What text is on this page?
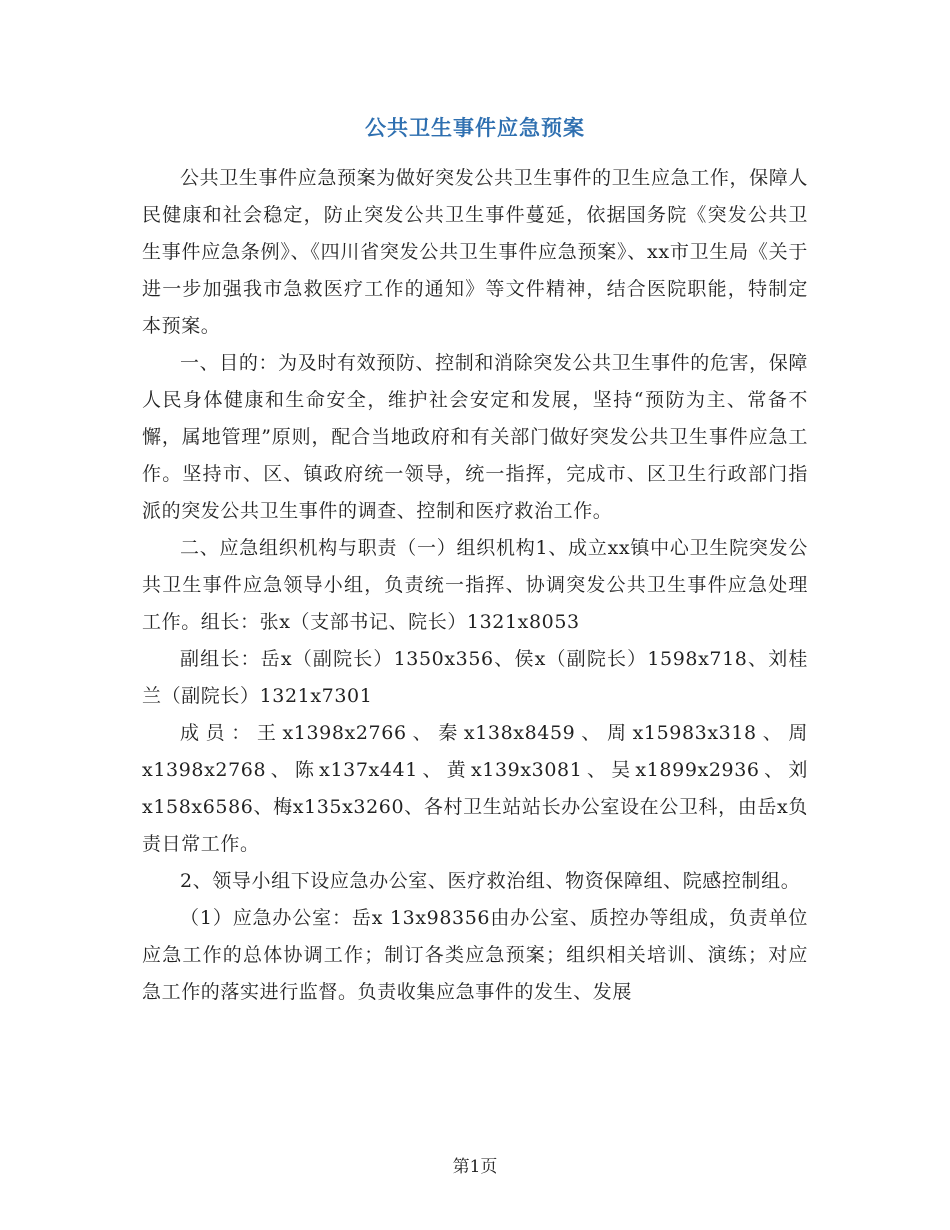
公共卫生事件应急预案

公共卫生事件应急预案为做好突发公共卫生事件的卫生应急工作，保障人民健康和社会稳定，防止突发公共卫生事件蔓延，依据国务院《突发公共卫生事件应急条例》、《四川省突发公共卫生事件应急预案》、xx市卫生局《关于进一步加强我市急救医疗工作的通知》等文件精神，结合医院职能，特制定本预案。

一、目的：为及时有效预防、控制和消除突发公共卫生事件的危害，保障人民身体健康和生命安全，维护社会安定和发展，坚持“预防为主、常备不懈，属地管理”原则，配合当地政府和有关部门做好突发公共卫生事件应急工作。坚持市、区、镇政府统一领导，统一指挥，完成市、区卫生行政部门指派的突发公共卫生事件的调查、控制和医疗救治工作。

二、应急组织机构与职责（一）组织机构1、成立xx镇中心卫生院突发公共卫生事件应急领导小组，负责统一指挥、协调突发公共卫生事件应急处理工作。组长：张x（支部书记、院长）1321x8053

副组长：岳x（副院长）1350x356、侯x（副院长）1598x718、刘桂兰（副院长）1321x7301

成员：王x1398x2766、秦x138x8459、周x15983x318、周x1398x2768、陈x137x441、黄x139x3081、吴x1899x2936、刘x158x6586、梅x135x3260、各村卫生站站长办公室设在公卫科，由岳x负责日常工作。

2、领导小组下设应急办公室、医疗救治组、物资保障组、院感控制组。

（1）应急办公室：岳x 13x98356由办公室、质控办等组成，负责单位应急工作的总体协调工作；制订各类应急预案；组织相关培训、演练；对应急工作的落实进行监督。负责收集应急事件的发生、发展

第1页
